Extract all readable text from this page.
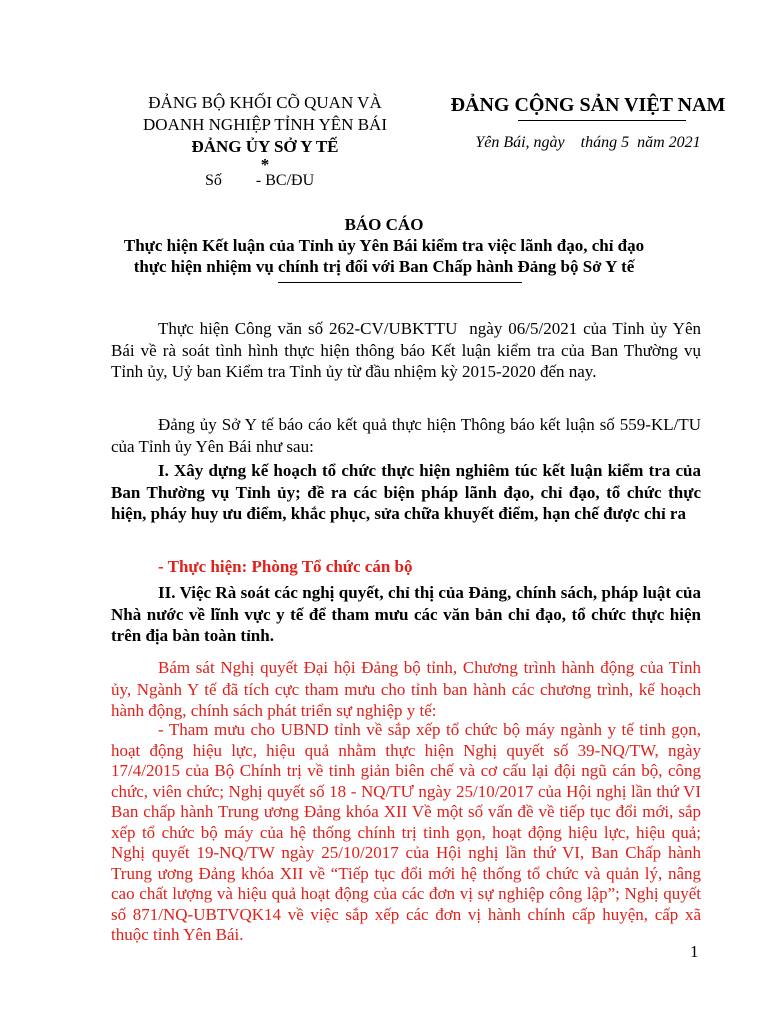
ĐẢNG BỘ KHỐI CÕ QUAN VÀ
DOANH NGHIỆP TỈNH YÊN BÁI
ĐẢNG ỦY SỞ Y TẾ
*
Số - BC/ĐU
ĐẢNG CỘNG SẢN VIỆT NAM
Yên Bái, ngày    tháng 5  năm 2021
BÁO CÁO
Thực hiện Kết luận của Tỉnh ủy Yên Bái kiểm tra việc lãnh đạo, chỉ đạo thực hiện nhiệm vụ chính trị đối với Ban Chấp hành Đảng bộ Sở Y tế
Thực hiện Công văn số 262-CV/UBKTTU  ngày 06/5/2021 của Tỉnh ủy Yên Bái về rà soát tình hình thực hiện thông báo Kết luận kiểm tra của Ban Thường vụ Tỉnh ủy, Uỷ ban Kiểm tra Tỉnh ủy từ đầu nhiệm kỳ 2015-2020 đến nay.
Đảng ủy Sở Y tế báo cáo kết quả thực hiện Thông báo kết luận số 559-KL/TU của Tỉnh ủy Yên Bái như sau:
I. Xây dựng kế hoạch tổ chức thực hiện nghiêm túc kết luận kiểm tra của Ban Thường vụ Tỉnh ủy; đề ra các biện pháp lãnh đạo, chỉ đạo, tổ chức thực hiện, pháy huy ưu điểm, khắc phục, sửa chữa khuyết điểm, hạn chế được chỉ ra
- Thực hiện: Phòng Tổ chức cán bộ
II. Việc Rà soát các nghị quyết, chỉ thị của Đảng, chính sách, pháp luật của Nhà nước về lĩnh vực y tế để tham mưu các văn bản chỉ đạo, tổ chức thực hiện trên địa bàn toàn tỉnh.
Bám sát Nghị quyết Đại hội Đảng bộ tỉnh, Chương trình hành động của Tỉnh ủy, Ngành Y tế đã tích cực tham mưu cho tỉnh ban hành các chương trình, kế hoạch hành động, chính sách phát triển sự nghiệp y tế:
- Tham mưu cho UBND tỉnh về sắp xếp tổ chức bộ máy ngành y tế tinh gọn, hoạt động hiệu lực, hiệu quả nhằm thực hiện Nghị quyết số 39-NQ/TW, ngày 17/4/2015 của Bộ Chính trị về tinh giản biên chế và cơ cấu lại đội ngũ cán bộ, công chức, viên chức; Nghị quyết số 18 - NQ/TƯ ngày 25/10/2017 của Hội nghị lần thứ VI Ban chấp hành Trung ương Đảng khóa XII Về một số vấn đề về tiếp tục đổi mới, sắp xếp tổ chức bộ máy của hệ thống chính trị tinh gọn, hoạt động hiệu lực, hiệu quả; Nghị quyết 19-NQ/TW ngày 25/10/2017 của Hội nghị lần thứ VI, Ban Chấp hành Trung ương Đảng khóa XII về “Tiếp tục đổi mới hệ thống tổ chức và quản lý, nâng cao chất lượng và hiệu quả hoạt động của các đơn vị sự nghiệp công lập”; Nghị quyết số 871/NQ-UBTVQK14 về việc sắp xếp các đơn vị hành chính cấp huyện, cấp xã thuộc tỉnh Yên Bái.
1
